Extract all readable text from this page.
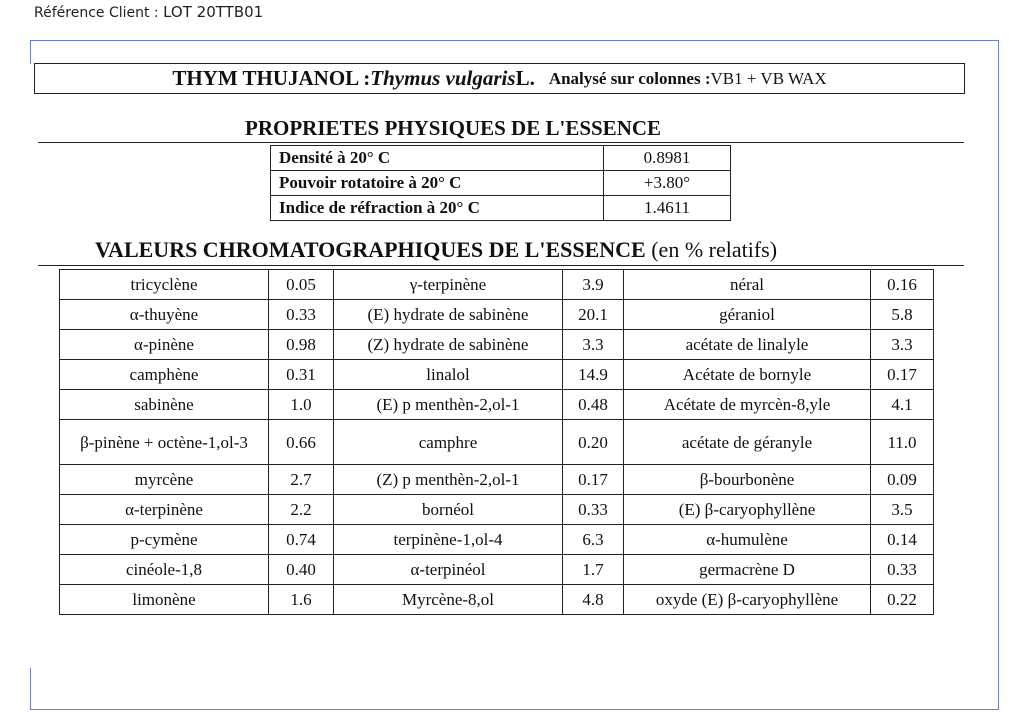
Référence Client : LOT 20TTB01
THYM THUJANOL : Thymus vulgaris L. Analysé sur colonnes : VB1 + VB WAX
PROPRIETES PHYSIQUES DE L'ESSENCE
Densité à 20° C	0.8981
Pouvoir rotatoire à 20° C	+3.80°
Indice de réfraction à 20° C	1.4611
VALEURS CHROMATOGRAPHIQUES DE L'ESSENCE (en % relatifs)
tricyclène	0.05	γ-terpinène	3.9	néral	0.16
α-thuyène	0.33	(E) hydrate de sabinène	20.1	géraniol	5.8
α-pinène	0.98	(Z) hydrate de sabinène	3.3	acétate de linalyle	3.3
camphène	0.31	linalol	14.9	Acétate de bornyle	0.17
sabinène	1.0	(E) p menthèn-2,ol-1	0.48	Acétate de myrcèn-8,yle	4.1
β-pinène + octène-1,ol-3	0.66	camphre	0.20	acétate de géranyle	11.0
myrcène	2.7	(Z) p menthèn-2,ol-1	0.17	β-bourbonène	0.09
α-terpinène	2.2	bornéol	0.33	(E) β-caryophyllène	3.5
p-cymène	0.74	terpinène-1,ol-4	6.3	α-humulène	0.14
cinéole-1,8	0.40	α-terpinéol	1.7	germacrène D	0.33
limonène	1.6	Myrcène-8,ol	4.8	oxyde (E) β-caryophyllène	0.22
